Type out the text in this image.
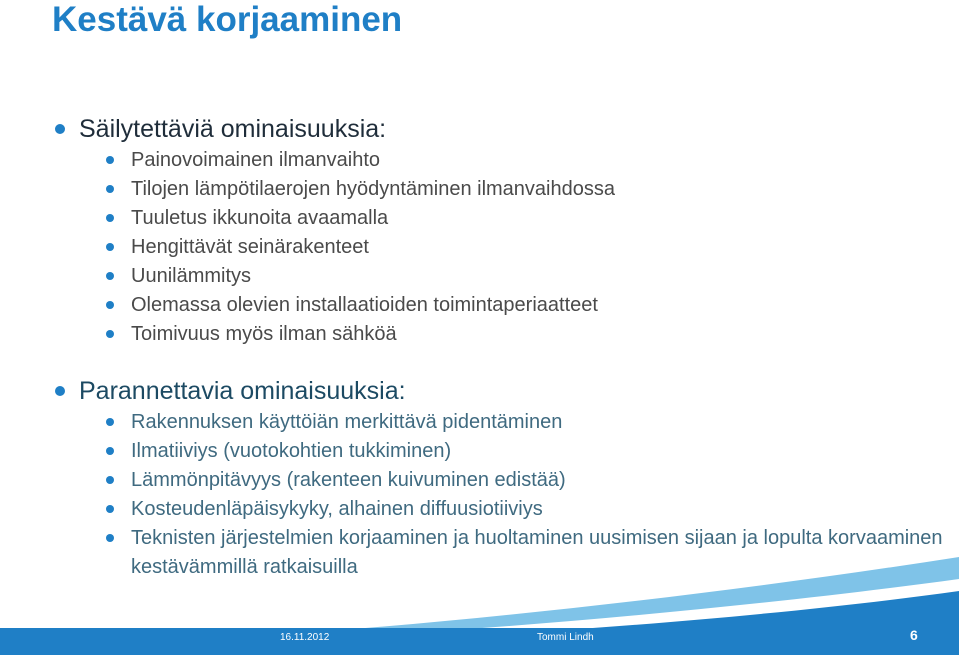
Kestävä korjaaminen
Säilytettäviä ominaisuuksia:
Painovoimainen ilmanvaihto
Tilojen lämpötilaerojen hyödyntäminen ilmanvaihdossa
Tuuletus ikkunoita avaamalla
Hengittävät seinärakenteet
Uunilämmitys
Olemassa olevien installaatioiden toimintaperiaatteet
Toimivuus myös ilman sähköä
Parannettavia ominaisuuksia:
Rakennuksen käyttöiän merkittävä pidentäminen
Ilmatiiviys (vuotokohtien tukkiminen)
Lämmönpitävyys (rakenteen kuivuminen edistää)
Kosteudenläpäisykyky, alhainen diffuusiotiiviys
Teknisten järjestelmien korjaaminen ja huoltaminen uusimisen sijaan ja lopulta korvaaminen kestävämmillä ratkaisuilla
16.11.2012	Tommi Lindh	6
